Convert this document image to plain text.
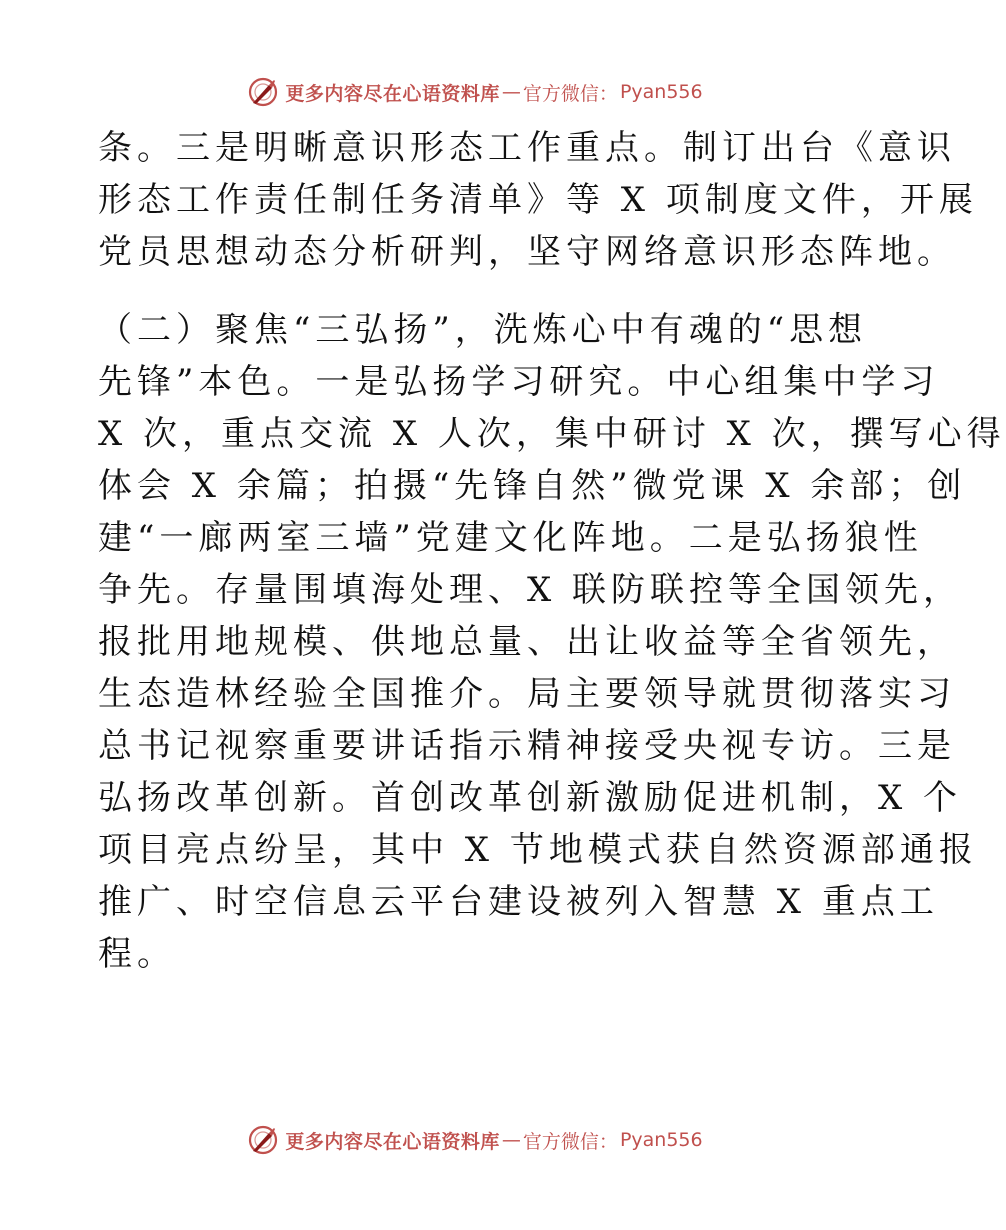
更多内容尽在心语资料库 — 官方微信： Pyan556
条。三是明晰意识形态工作重点。制订出台《意识
形态工作责任制任务清单》等 X 项制度文件，开展
党员思想动态分析研判，坚守网络意识形态阵地。
（二）聚焦“三弘扬”，洗炼心中有魂的“思想
先锋”本色。一是弘扬学习研究。中心组集中学习
X 次，重点交流 X 人次，集中研讨 X 次，撰写心得
体会 X 余篇；拍摄“先锋自然”微党课 X 余部；创
建“一廊两室三墙”党建文化阵地。二是弘扬狼性
争先。存量围填海处理、X 联防联控等全国领先，
报批用地规模、供地总量、出让收益等全省领先，
生态造林经验全国推介。局主要领导就贯彻落实习
总书记视察重要讲话指示精神接受央视专访。三是
弘扬改革创新。首创改革创新激励促进机制，X 个
项目亮点纷呈，其中 X 节地模式获自然资源部通报
推广、时空信息云平台建设被列入智慧 X 重点工
程。
更多内容尽在心语资料库 — 官方微信： Pyan556
